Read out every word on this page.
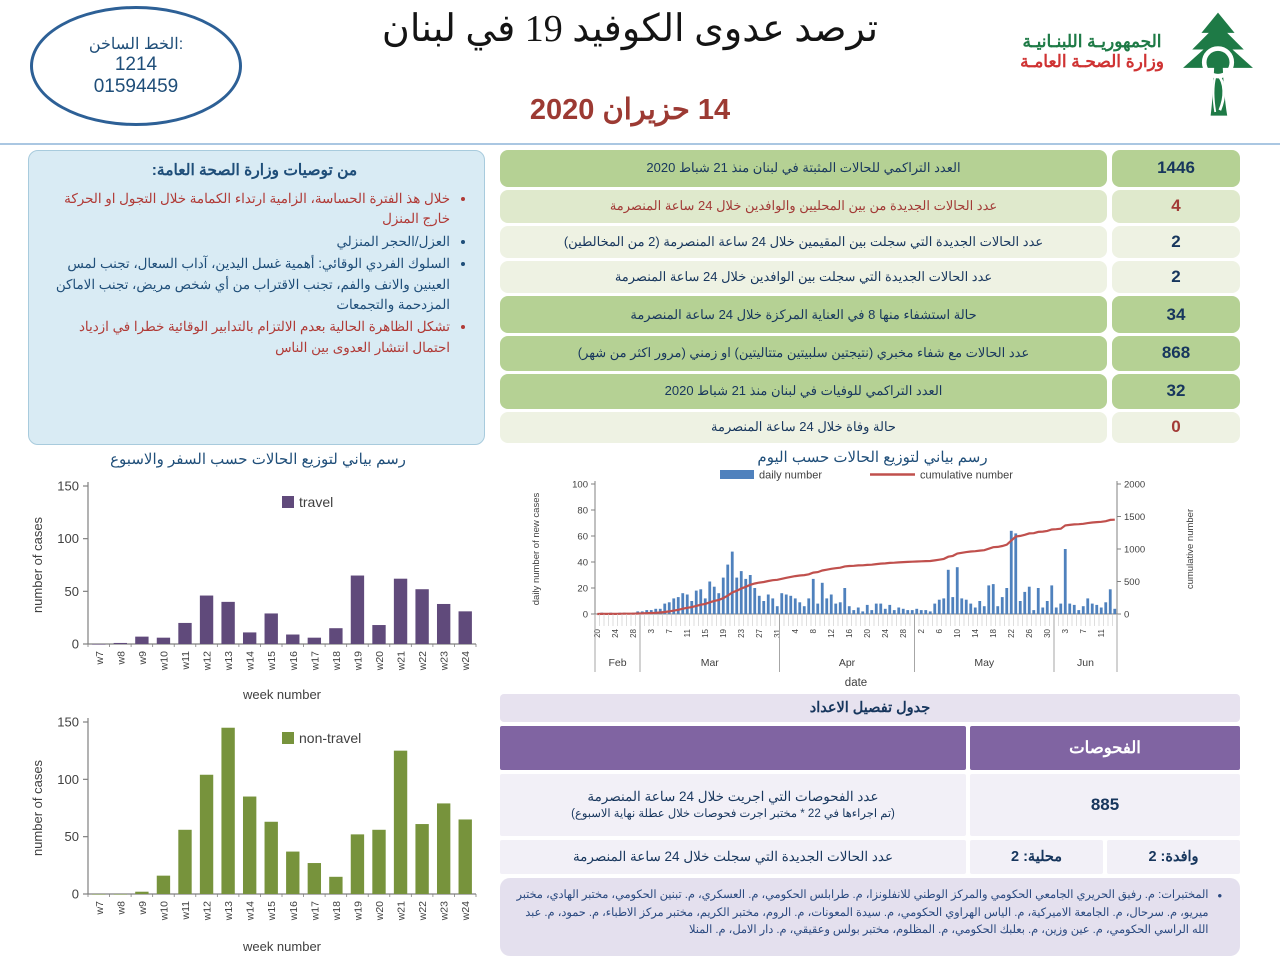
الخط الساخن:
1214
01594459
ترصد عدوى الكوفيد 19 في لبنان
14 حزيران 2020
الجمهوريـة اللبنـانيـة
وزارة الصحـة العامـة
من توصيات وزارة الصحة العامة:
• خلال هذ الفترة الحساسة، الزامية ارتداء الكمامة خلال التجول او الحركة خارج المنزل
• العزل/الحجر المنزلي
• السلوك الفردي الوقائي: أهمية غسل اليدين، آداب السعال، تجنب لمس العينين والانف والفم، تجنب الاقتراب من أي شخص مريض، تجنب الاماكن المزدحمة والتجمعات
• تشكل الظاهرة الحالية بعدم الالتزام بالتدابير الوقائية خطرا في ازدياد احتمال انتشار العدوى بين الناس
1446
العدد التراكمي للحالات المثبتة في لبنان منذ 21 شباط 2020
4
عدد الحالات الجديدة من بين المحليين والوافدين خلال 24 ساعة المنصرمة
2
عدد الحالات الجديدة التي سجلت بين المقيمين خلال 24 ساعة المنصرمة (2 من المخالطين)
2
عدد الحالات الجديدة التي سجلت بين الوافدين خلال 24 ساعة المنصرمة
34
حالة استشفاء منها 8 في العناية المركزة خلال 24 ساعة المنصرمة
868
عدد الحالات مع شفاء مخبري (نتيجتين سلبيتين متتاليتين) او زمني (مرور اكثر من شهر)
32
العدد التراكمي للوفيات في لبنان منذ 21 شباط 2020
0
حالة وفاة خلال 24 ساعة المنصرمة
رسم بياني لتوزيع الحالات حسب السفر والاسبوع
0
50
100
150
w7 w8 w9 w10 w11 w12 w13 w14 w15 w16 w17 w18 w19 w20 w21 w22 w23 w24
week number
number of cases
travel
0
50
100
150
w7 w8 w9 w10 w11 w12 w13 w14 w15 w16 w17 w18 w19 w20 w21 w22 w23 w24
week number
number of cases
non-travel
رسم بياني لتوزيع الحالات حسب اليوم
0
20
40
60
80
100
0
500
1000
1500
2000
20 24 28 3 7 11 15 19 23 27 31 4 8 12 16 20 24 28 2 6 10 14 18 22 26 30 3 7 11
Feb	Mar	Apr	May	Jun
date
daily number of new cases	cumulative number
daily number	cumulative number
جدول تفصيل الاعداد
الفحوصات
885
عدد الفحوصات التي اجريت خلال 24 ساعة المنصرمة
(تم اجراءها في 22 * مختبر اجرت فحوصات خلال عطلة نهاية الاسبوع)
وافدة: 2
محلية: 2
عدد الحالات الجديدة التي سجلت خلال 24 ساعة المنصرمة
•
المختبرات: م. رفيق الحريري الجامعي الحكومي والمركز الوطني للانفلونزا، م. طرابلس الحكومي، م. العسكري، م. تبنين الحكومي، مختبر الهادي، مختبر ميريو، م. سرحال، م. الجامعة الاميركية، م. الياس الهراوي الحكومي، م. سيدة المعونات، م. الروم، مختبر الكريم، مختبر مركز الاطباء، م. حمود، م. عبد الله الراسي الحكومي، م. عين وزين، م. بعلبك الحكومي، م. المظلوم، مختبر بولس وعقيقي، م. دار الامل، م. المنلا
